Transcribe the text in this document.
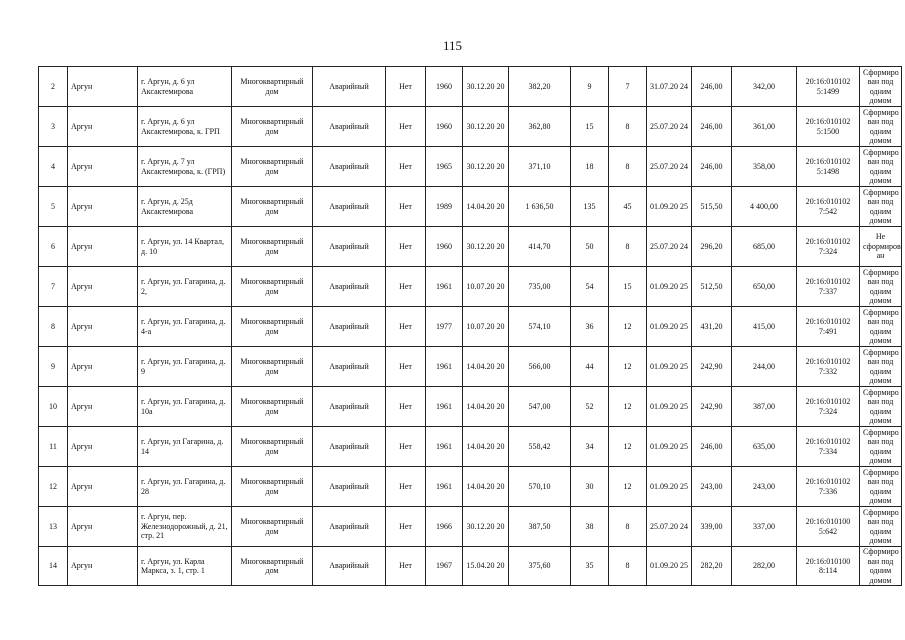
115
2	Аргун	г. Аргун, д. 6 ул Аксактемирова	Многоквартирный дом	Аварийный	Нет	1960	30.12.20 20	382,20	9	7	31.07.20 24	246,00	342,00	20:16:010102 5:1499	Сформиро ван под одним домом
3	Аргун	г. Аргун, д. 6 ул Аксактемирова, к. ГРП	Многоквартирный дом	Аварийный	Нет	1960	30.12.20 20	362,80	15	8	25.07.20 24	246,00	361,00	20:16:010102 5:1500	Сформиро ван под одним домом
4	Аргун	г. Аргун, д. 7 ул Аксактемирова, к. (ГРП)	Многоквартирный дом	Аварийный	Нет	1965	30.12.20 20	371,10	18	8	25.07.20 24	246,00	358,00	20:16:010102 5:1498	Сформиро ван под одним домом
5	Аргун	г. Аргун, д. 25д Аксактемирова	Многоквартирный дом	Аварийный	Нет	1989	14.04.20 20	1 636,50	135	45	01.09.20 25	515,50	4 400,00	20:16:010102 7:542	Сформиро ван под одним домом
6	Аргун	г. Аргун, ул. 14 Квартал, д. 10	Многоквартирный дом	Аварийный	Нет	1960	30.12.20 20	414,70	50	8	25.07.20 24	296,20	685,00	20:16:010102 7:324	Не сформиров ан
7	Аргун	г. Аргун, ул. Гагарина, д. 2,	Многоквартирный дом	Аварийный	Нет	1961	10.07.20 20	735,00	54	15	01.09.20 25	512,50	650,00	20:16:010102 7:337	Сформиро ван под одним домом
8	Аргун	г. Аргун, ул. Гагарина, д. 4-а	Многоквартирный дом	Аварийный	Нет	1977	10.07.20 20	574,10	36	12	01.09.20 25	431,20	415,00	20:16:010102 7:491	Сформиро ван под одним домом
9	Аргун	г. Аргун, ул. Гагарина, д. 9	Многоквартирный дом	Аварийный	Нет	1961	14.04.20 20	566,00	44	12	01.09.20 25	242,90	244,00	20:16:010102 7:332	Сформиро ван под одним домом
10	Аргун	г. Аргун, ул. Гагарина, д. 10а	Многоквартирный дом	Аварийный	Нет	1961	14.04.20 20	547,00	52	12	01.09.20 25	242,90	387,00	20:16:010102 7:324	Сформиро ван под одним домом
11	Аргун	г. Аргун, ул Гагарина, д. 14	Многоквартирный дом	Аварийный	Нет	1961	14.04.20 20	558,42	34	12	01.09.20 25	246,00	635,00	20:16:010102 7:334	Сформиро ван под одним домом
12	Аргун	г. Аргун, ул. Гагарина, д. 28	Многоквартирный дом	Аварийный	Нет	1961	14.04.20 20	570,10	30	12	01.09.20 25	243,00	243,00	20:16:010102 7:336	Сформиро ван под одним домом
13	Аргун	г. Аргун, пер. Железнодорожный, д. 21, стр. 21	Многоквартирный дом	Аварийный	Нет	1966	30.12.20 20	387,50	38	8	25.07.20 24	339,00	337,00	20:16:010100 5:642	Сформиро ван под одним домом
14	Аргун	г. Аргун, ул. Карла Маркса, з. 1, стр. 1	Многоквартирный дом	Аварийный	Нет	1967	15.04.20 20	375,60	35	8	01.09.20 25	282,20	282,00	20:16:010100 8:114	Сформиро ван под одним домом
